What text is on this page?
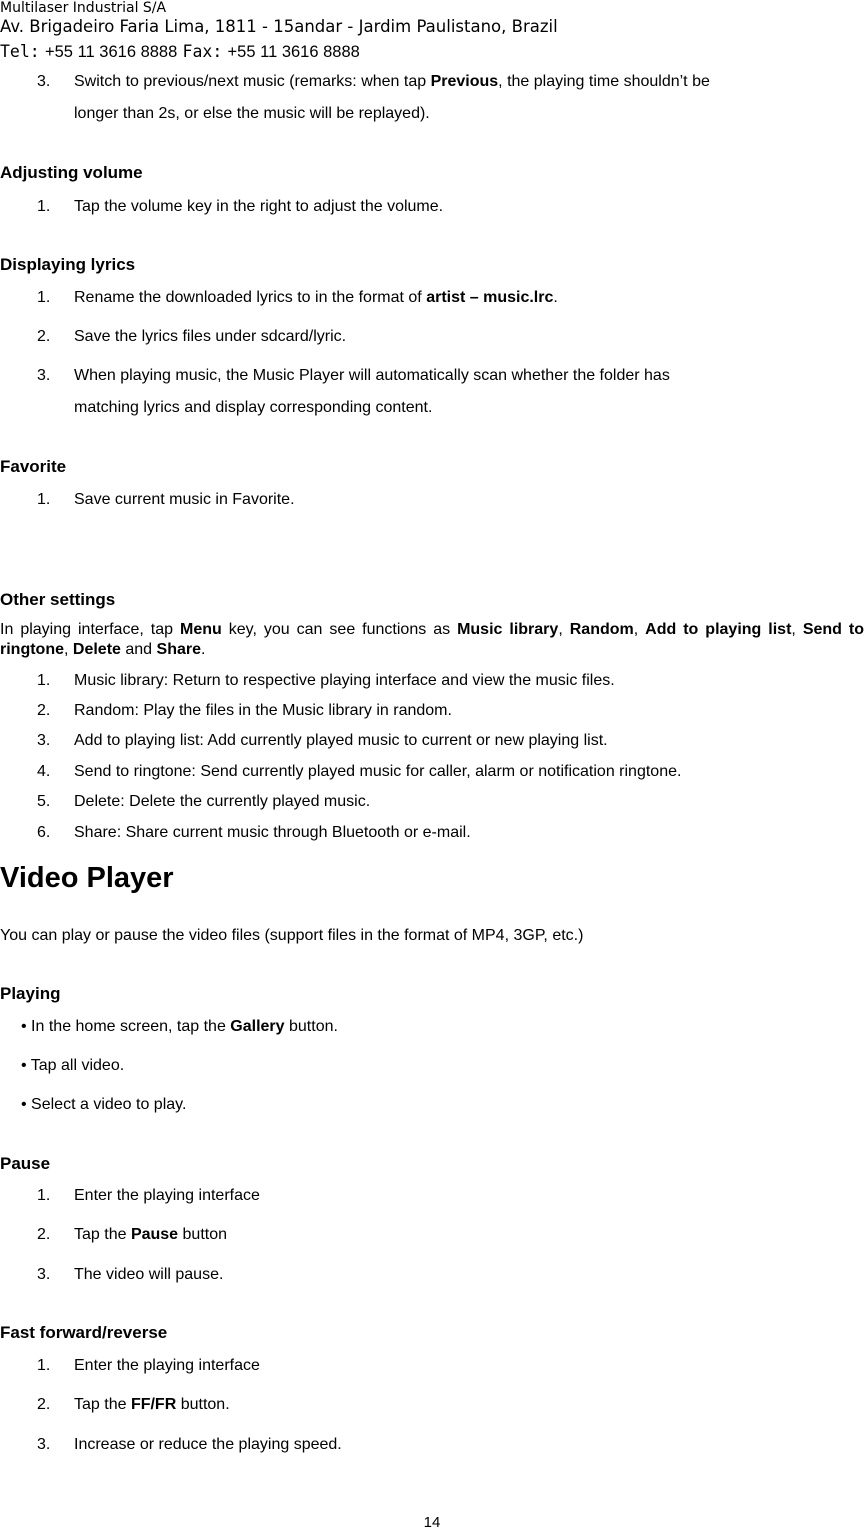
Multilaser Industrial S/A
Av. Brigadeiro Faria Lima, 1811 - 15andar - Jardim Paulistano, Brazil
Tel: +55 11 3616 8888 Fax: +55 11 3616 8888
3. Switch to previous/next music (remarks: when tap Previous, the playing time shouldn’t be
longer than 2s, or else the music will be replayed).
Adjusting volume
1. Tap the volume key in the right to adjust the volume.
Displaying lyrics
1. Rename the downloaded lyrics to in the format of artist – music.lrc.
2. Save the lyrics files under sdcard/lyric.
3. When playing music, the Music Player will automatically scan whether the folder has
matching lyrics and display corresponding content.
Favorite
1. Save current music in Favorite.
Other settings
In playing interface, tap Menu key, you can see functions as Music library, Random, Add to playing list, Send to ringtone, Delete and Share.
1. Music library: Return to respective playing interface and view the music files.
2. Random: Play the files in the Music library in random.
3. Add to playing list: Add currently played music to current or new playing list.
4. Send to ringtone: Send currently played music for caller, alarm or notification ringtone.
5. Delete: Delete the currently played music.
6. Share: Share current music through Bluetooth or e-mail.
Video Player
You can play or pause the video files (support files in the format of MP4, 3GP, etc.)
Playing
• In the home screen, tap the Gallery button.
• Tap all video.
• Select a video to play.
Pause
1. Enter the playing interface
2. Tap the Pause button
3. The video will pause.
Fast forward/reverse
1. Enter the playing interface
2. Tap the FF/FR button.
3. Increase or reduce the playing speed.
14
